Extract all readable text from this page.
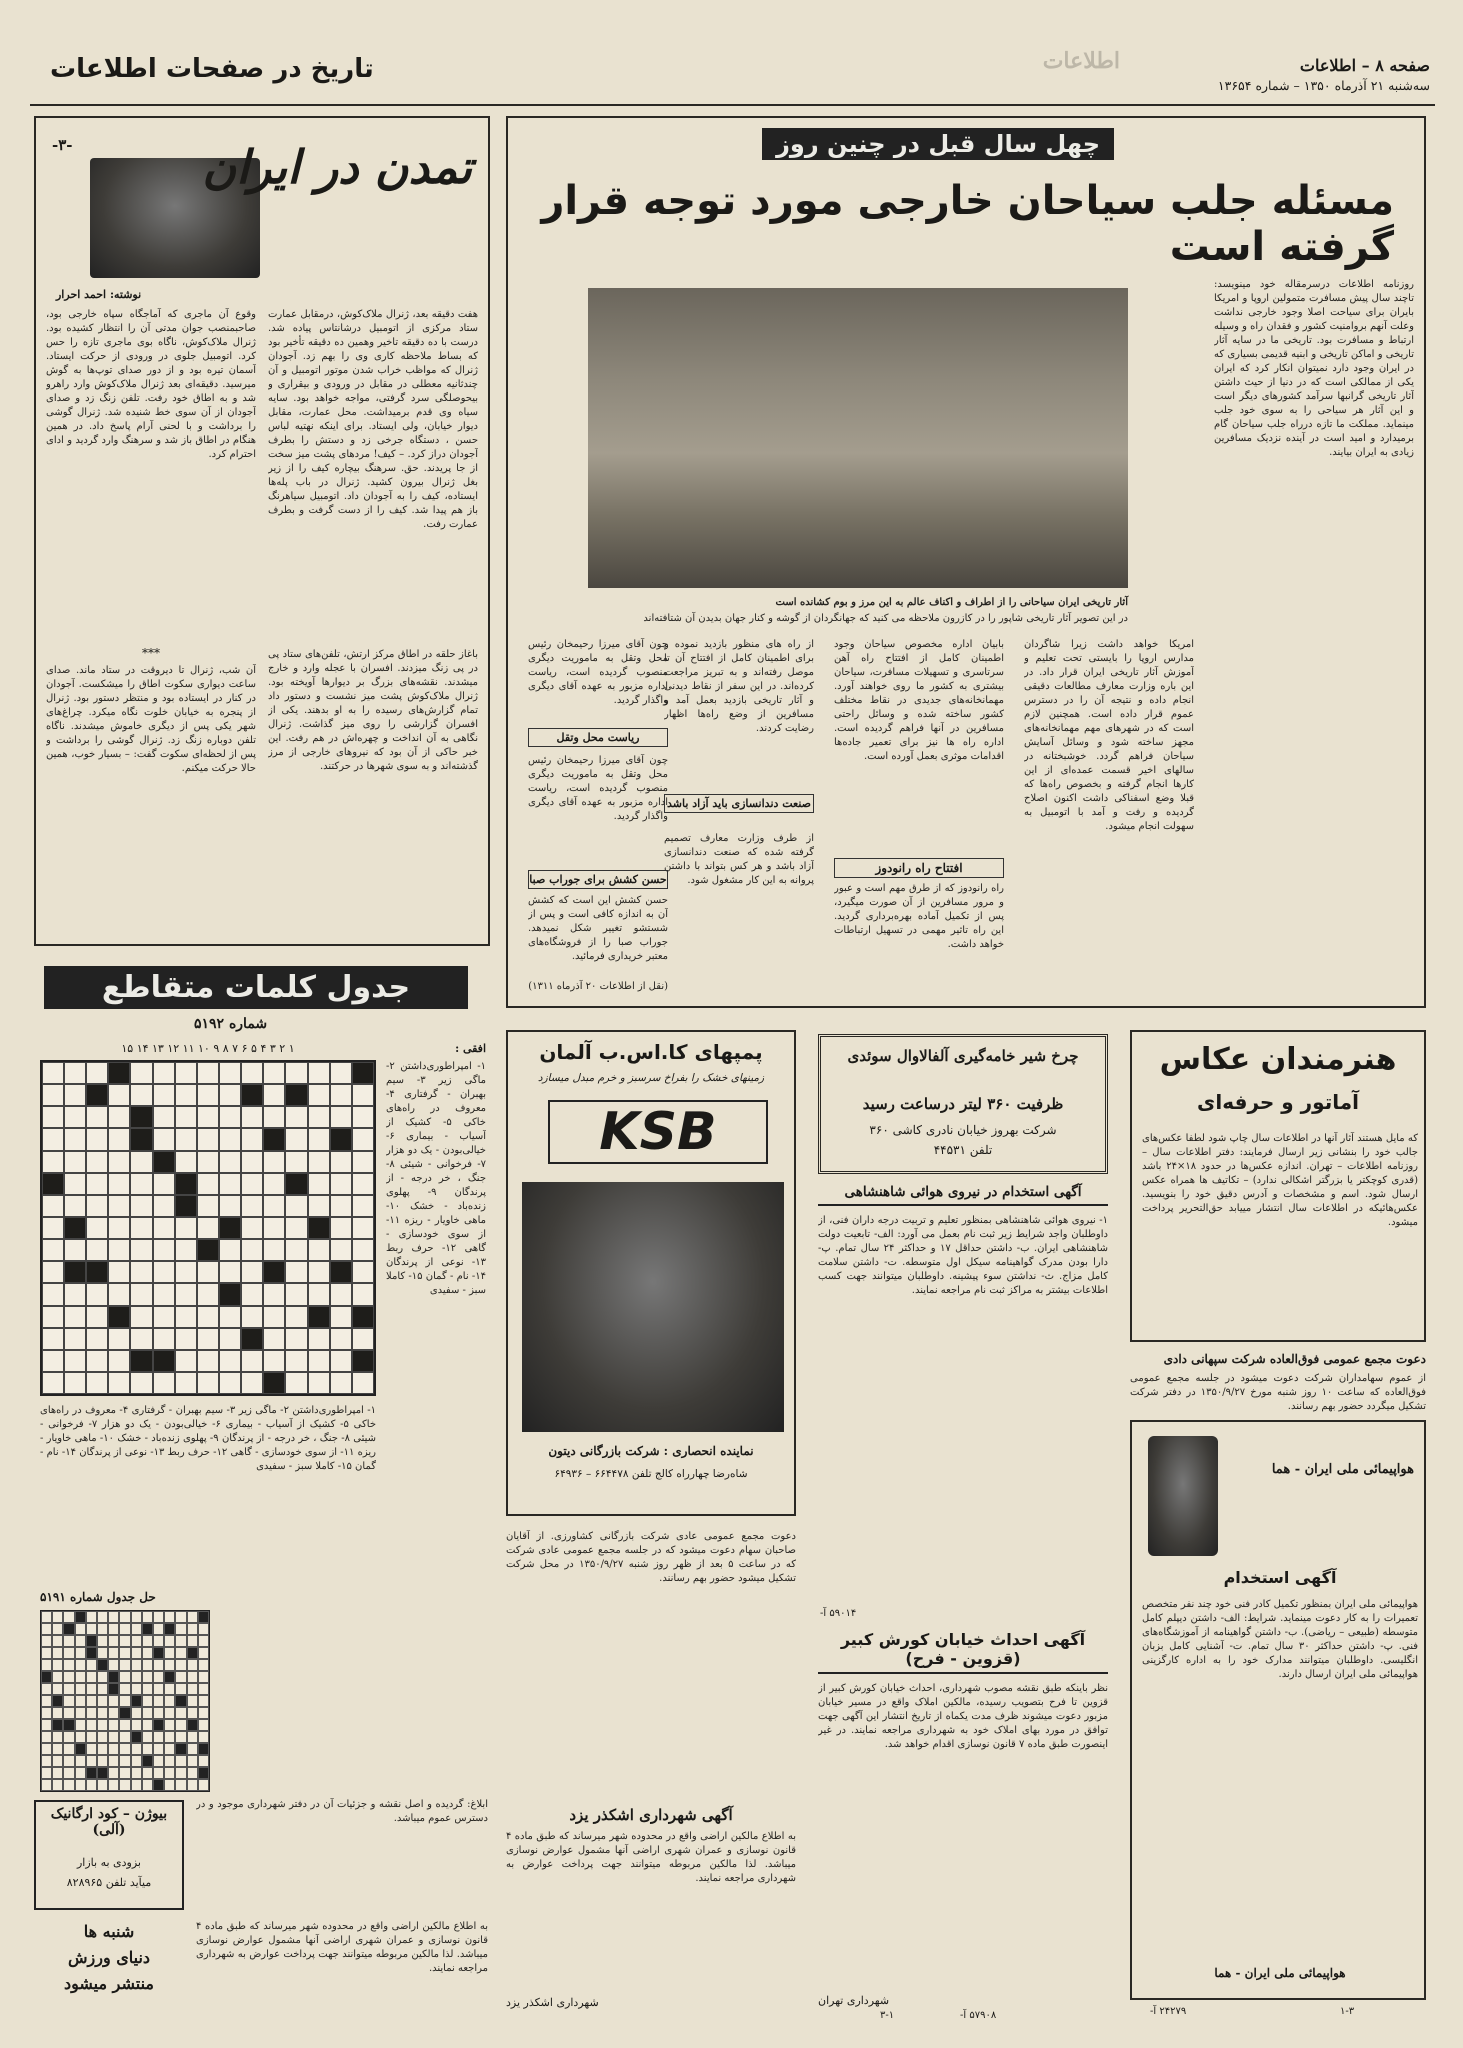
صفحه ۸ – اطلاعات
سه‌شنبه ۲۱ آذرماه ۱۳۵۰ – شماره ۱۳۶۵۴
اطلاعات
تاریخ در صفحات اطلاعات
-۳-	تمدن در ایران
نوشته: احمد احرار
هفت دقیقه بعد، ژنرال ملاک‌کوش، درمقابل عمارت ستاد مرکزی از اتومبیل درشانتاس پیاده شد. درست با ده دقیقه تاخیر وهمین ده دقیقه تأخیر بود که بساط ملاحظه کاری وی را بهم زد. آجودان ژنرال که مواظب خراب شدن موتور اتومبیل و آن چندثانیه معطلی در مقابل در ورودی و بیقراری و بیحوصلگی سرد گرفتی، مواجه خواهد بود. سایه سیاه وی قدم برمیداشت. محل عمارت، مقابل دیوار خیابان، ولی ایستاد. برای اینکه نهتیه لباس حسن ، دستگاه جرخی زد و دستش را بطرف آجودان دراز کرد. – کیف! مردهای پشت میز سخت از جا پریدند. حق. سرهنگ بیچاره کیف را از زیر بغل ژنرال بیرون کشید. ژنرال در باب پله‌ها ایستاده، کیف را به آجودان داد. اتومبیل سیاهرنگ باز هم پیدا شد. کیف را از دست گرفت و بطرف عمارت رفت.
وقوع آن ماجری که آماجگاه سپاه خارجی بود، صاحبمنصب جوان مدتی آن را انتظار کشیده بود. ژنرال ملاک‌کوش، ناگاه بوی ماجری تازه را حس کرد. اتومبیل جلوی در ورودی از حرکت ایستاد. آسمان تیره بود و از دور صدای توپ‌ها به گوش میرسید. دقیقه‌ای بعد ژنرال ملاک‌کوش وارد راهرو شد و به اطاق خود رفت. تلفن زنگ زد و صدای آجودان از آن سوی خط شنیده شد. ژنرال گوشی را برداشت و با لحنی آرام پاسخ داد. در همین هنگام در اطاق باز شد و سرهنگ وارد گردید و ادای احترام کرد.
***	باغاز حلقه در اطاق مرکز ارتش، تلفن‌های ستاد پی در پی زنگ میزدند. افسران با عجله وارد و خارج میشدند. نقشه‌های بزرگ بر دیوارها آویخته بود. ژنرال ملاک‌کوش پشت میز نشست و دستور داد تمام گزارش‌های رسیده را به او بدهند. یکی از افسران گزارشی را روی میز گذاشت. ژنرال نگاهی به آن انداخت و چهره‌اش در هم رفت. این خبر حاکی از آن بود که نیروهای خارجی از مرز گذشته‌اند و به سوی شهرها در حرکتند.
آن شب، ژنرال تا دیروقت در ستاد ماند. صدای ساعت دیواری سکوت اطاق را میشکست. آجودان در کنار در ایستاده بود و منتظر دستور بود. ژنرال از پنجره به خیابان خلوت نگاه میکرد. چراغ‌های شهر یکی پس از دیگری خاموش میشدند. ناگاه تلفن دوباره زنگ زد. ژنرال گوشی را برداشت و پس از لحظه‌ای سکوت گفت: – بسیار خوب، همین حالا حرکت میکنم.
چهل سال قبل در چنین روز
مسئله جلب سیاحان خارجی مورد توجه قرار گرفته است
آثار تاریخی ایران سیاحانی را از اطراف و اکناف عالم به این مرز و بوم کشانده است
در این تصویر آثار تاریخی شاپور را در کازرون ملاحظه می کنید که جهانگردان از گوشه و کنار جهان بدیدن آن شتافته‌اند
روزنامه اطلاعات درسرمقاله خود مینویسد: تاچند سال پیش مسافرت متمولین اروپا و امریکا بایران برای سیاحت اصلا وجود خارجی نداشت وعلت آنهم بروامنیت کشور و فقدان راه و وسیله ارتباط و مسافرت بود. تاریخی ما در سایه آثار تاریخی و اماکن تاریخی و ابنیه قدیمی بسیاری که در ایران وجود دارد نمیتوان انکار کرد که ایران یکی از ممالکی است که در دنیا از حیث داشتن آثار تاریخی گرانبها سرآمد کشورهای دیگر است و این آثار هر سیاحی را به سوی خود جلب مینماید. مملکت ما تازه درراه جلب سیاحان گام برمیدارد و امید است در آینده نزدیک مسافرین زیادی به ایران بیایند.
امریکا خواهد داشت زیرا شاگردان مدارس اروپا را بایستی تحت تعلیم و آموزش آثار تاریخی ایران قرار داد. در این باره وزارت معارف مطالعات دقیقی انجام داده و نتیجه آن را در دسترس عموم قرار داده است. همچنین لازم است که در شهرهای مهم مهمانخانه‌های مجهز ساخته شود و وسائل آسایش سیاحان فراهم گردد. خوشبختانه در سالهای اخیر قسمت عمده‌ای از این کارها انجام گرفته و بخصوص راه‌ها که قبلا وضع اسفناکی داشت اکنون اصلاح گردیده و رفت و آمد با اتومبیل به سهولت انجام میشود.
بابیان اداره مخصوص سیاحان وجود اطمینان کامل از افتتاح راه آهن سرتاسری و تسهیلات مسافرت، سیاحان بیشتری به کشور ما روی خواهند آورد. مهمانخانه‌های جدیدی در نقاط مختلف کشور ساخته شده و وسائل راحتی مسافرین در آنها فراهم گردیده است. اداره راه ها نیز برای تعمیر جاده‌ها اقدامات موثری بعمل آورده است.
افتتاح راه رانودوز
راه رانودوز که از طرق مهم است و عبور و مرور مسافرین از آن صورت میگیرد، پس از تکمیل آماده بهره‌برداری گردید. این راه تاثیر مهمی در تسهیل ارتباطات خواهد داشت.
از راه های منظور بازدید نموده و برای اطمینان کامل از افتتاح آن تا موصل رفته‌اند و به تبریز مراجعت کرده‌اند. در این سفر از نقاط دیدنی و آثار تاریخی بازدید بعمل آمد و مسافرین از وضع راه‌ها اظهار رضایت کردند.
صنعت دندانسازی باید آزاد باشد
از طرف وزارت معارف تصمیم گرفته شده که صنعت دندانسازی آزاد باشد و هر کس بتواند با داشتن پروانه به این کار مشغول شود.
ریاست محل وتقل
چون آقای میرزا رحیمخان رئیس محل وتقل به ماموریت دیگری منصوب گردیده است، ریاست اداره مزبور به عهده آقای دیگری واگذار گردید.
چون آقای میرزا رحیمخان رئیس محل وتقل به ماموریت دیگری منصوب گردیده است، ریاست اداره مزبور به عهده آقای دیگری واگذار گردید.
حسن کشش برای جوراب صبا
حسن کشش این است که کشش آن به اندازه کافی است و پس از شستشو تغییر شکل نمیدهد. جوراب صبا را از فروشگاه‌های معتبر خریداری فرمائید.
(نقل از اطلاعات ۲۰ آذرماه ۱۳۱۱)
جدول کلمات متقاطع
شماره ۵۱۹۲
۱ ۲ ۳ ۴ ۵ ۶ ۷ ۸ ۹ ۱۰ ۱۱ ۱۲ ۱۳ ۱۴ ۱۵	افقی :
۱- امپراطوری‌داشتن ۲- ماگی زیر ۳- سیم بهبران - گرفتاری ۴- معروف در راه‌های خاکی ۵- کشیک از آسیاب - بیماری ۶- خیالی‌بودن - یک ‌دو هزار ۷- فرخوانی - شیئی ۸- جنگ ، خر درجه - از پرندگان ۹- پهلوی زنده‌باد - خشک ۱۰- ماهی خاویار - ریزه ۱۱- از سوی خودسازی - گاهی ۱۲- حرف ربط ۱۳- نوعی از پرندگان ۱۴- نام - گمان ۱۵- کاملا سبز - سفیدی
۱- امپراطوری‌داشتن ۲- ماگی زیر ۳- سیم بهبران - گرفتاری ۴- معروف در راه‌های خاکی ۵- کشیک از آسیاب - بیماری ۶- خیالی‌بودن - یک ‌دو هزار ۷- فرخوانی - شیئی ۸- جنگ ، خر درجه - از پرندگان ۹- پهلوی زنده‌باد - خشک ۱۰- ماهی خاویار - ریزه ۱۱- از سوی خودسازی - گاهی ۱۲- حرف ربط ۱۳- نوعی از پرندگان ۱۴- نام - گمان ۱۵- کاملا سبز - سفیدی
حل جدول شماره ۵۱۹۱
بیوژن – کود ارگانیک (آلی)
بزودی به بازار
میآید تلفن ۸۲۸۹۶۵
شنبه ها
دنیای ورزش
منتشر میشود
ابلاغ: گردیده و اصل نقشه و جزئیات آن در دفتر شهرداری موجود و در دسترس عموم میباشد.
به اطلاع مالکین اراضی واقع در محدوده شهر میرساند که طبق ماده ۴ قانون نوسازی و عمران شهری اراضی آنها مشمول عوارض نوسازی میباشد. لذا مالکین مربوطه میتوانند جهت پرداخت عوارض به شهرداری مراجعه نمایند.
پمپهای کا.اس.ب آلمان
زمینهای خشک را بفراخ سرسبز و خرم مبدل میسازد
KSB
نماینده انحصاری : شرکت بازرگانی دیتون
شاه‌رضا چهارراه کالج تلفن ۶۶۴۴۷۸ – ۶۴۹۳۶
دعوت مجمع عمومی عادی شرکت بازرگانی کشاورزی. از آقایان صاحبان سهام دعوت میشود که در جلسه مجمع عمومی عادی شرکت که در ساعت ۵ بعد از ظهر روز شنبه ۱۳۵۰/۹/۲۷ در محل شرکت تشکیل میشود حضور بهم رسانند.
آگهی شهرداری اشکذر یزد
به اطلاع مالکین اراضی واقع در محدوده شهر میرساند که طبق ماده ۴ قانون نوسازی و عمران شهری اراضی آنها مشمول عوارض نوسازی میباشد. لذا مالکین مربوطه میتوانند جهت پرداخت عوارض به شهرداری مراجعه نمایند.
شهرداری اشکذر یزد
چرخ شیر خامه‌گیری آلفالاوال سوئدی
ظرفیت ۳۶۰ لیتر درساعت رسید
شرکت بهروز خیابان نادری کاشی ۳۶۰
تلفن ۴۴۵۳۱
آگهی استخدام در نیروی هوائی شاهنشاهی
۱- نیروی هوائی شاهنشاهی بمنظور تعلیم و تربیت درجه داران فنی، از داوطلبان واجد شرایط زیر ثبت نام بعمل می آورد: الف- تابعیت دولت شاهنشاهی ایران. ب- داشتن حداقل ۱۷ و حداکثر ۲۴ سال تمام. پ- دارا بودن مدرک گواهینامه سیکل اول متوسطه. ت- داشتن سلامت کامل مزاج. ث- نداشتن سوء پیشینه. داوطلبان میتوانند جهت کسب اطلاعات بیشتر به مراکز ثبت نام مراجعه نمایند.
آگهی احداث خیابان کورش کبیر (قزوین - فرح)
نظر باینکه طبق نقشه مصوب شهرداری، احداث خیابان کورش کبیر از قزوین تا فرح بتصویب رسیده، مالکین املاک واقع در مسیر خیابان مزبور دعوت میشوند ظرف مدت یکماه از تاریخ انتشار این آگهی جهت توافق در مورد بهای املاک خود به شهرداری مراجعه نمایند. در غیر اینصورت طبق ماده ۷ قانون نوسازی اقدام خواهد شد.
شهرداری تهران
هنرمندان عکاس
آماتور و حرفه‌ای
که مایل هستند آثار آنها در اطلاعات سال چاپ شود لطفا عکس‌های جالب خود را بنشانی زیر ارسال فرمایند: دفتر اطلاعات سال – روزنامه اطلاعات – تهران. اندازه عکس‌ها در حدود ۱۸×۲۴ باشد (قدری کوچکتر یا بزرگتر اشکالی ندارد) – تکاتیف ها همراه عکس ارسال شود. اسم و مشخصات و آدرس دقیق خود را بنویسید. عکس‌هائیکه در اطلاعات سال انتشار مییابد حق‌التحریر پرداخت میشود.
دعوت مجمع عمومی فوق‌العاده شرکت سپهانی دادی
از عموم سهامداران شرکت دعوت میشود در جلسه مجمع عمومی فوق‌العاده که ساعت ۱۰ روز شنبه مورخ ۱۳۵۰/۹/۲۷ در دفتر شرکت تشکیل میگردد حضور بهم رسانند.
هواپیمائی ملی ایران - هما
آگهی استخدام
هواپیمائی ملی ایران بمنظور تکمیل کادر فنی خود چند نفر متخصص تعمیرات را به کار دعوت مینماید. شرایط: الف- داشتن دیپلم کامل متوسطه (طبیعی – ریاضی). ب- داشتن گواهینامه از آموزشگاه‌های فنی. پ- داشتن حداکثر ۳۰ سال تمام. ت- آشنایی کامل بزبان انگلیسی. داوطلبان میتوانند مدارک خود را به اداره کارگزینی هواپیمائی ملی ایران ارسال دارند.
هواپیمائی ملی ایران - هما
۵۹۰۱۴ آ-
۲۴۲۷۹ آ-
۵۷۹۰۸ آ-
۳-۱	۱-۳
